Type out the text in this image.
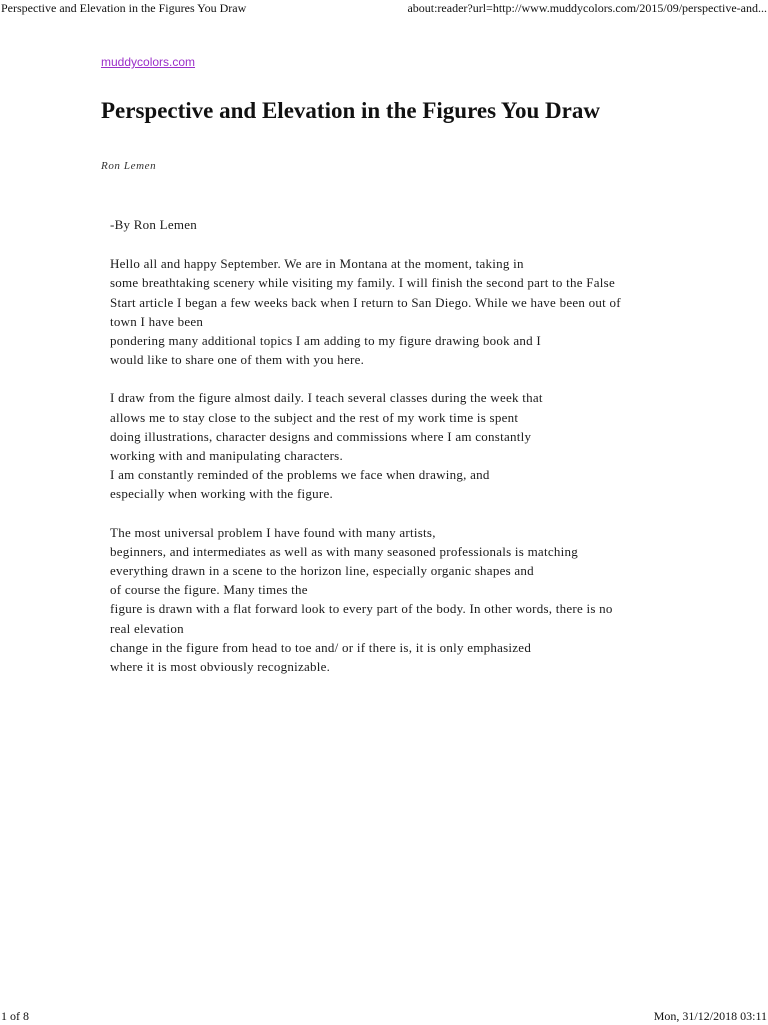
Perspective and Elevation in the Figures You Draw	about:reader?url=http://www.muddycolors.com/2015/09/perspective-and...
muddycolors.com
Perspective and Elevation in the Figures You Draw
Ron Lemen
-By Ron Lemen
Hello all and happy September. We are in Montana at the moment, taking in
some breathtaking scenery while visiting my family. I will finish the second part to the False
Start article I began a few weeks back when I return to San Diego. While we have been out of
town I have been
pondering many additional topics I am adding to my figure drawing book and I
would like to share one of them with you here.
I draw from the figure almost daily. I teach several classes during the week that
allows me to stay close to the subject and the rest of my work time is spent
doing illustrations, character designs and commissions where I am constantly
working with and manipulating characters.
I am constantly reminded of the problems we face when drawing, and
especially when working with the figure.
The most universal problem I have found with many artists,
beginners, and intermediates as well as with many seasoned professionals is matching
everything drawn in a scene to the horizon line, especially organic shapes and
of course the figure. Many times the
figure is drawn with a flat forward look to every part of the body. In other words, there is no
real elevation
change in the figure from head to toe and/ or if there is, it is only emphasized
where it is most obviously recognizable.
1 of 8	Mon, 31/12/2018 03:11
